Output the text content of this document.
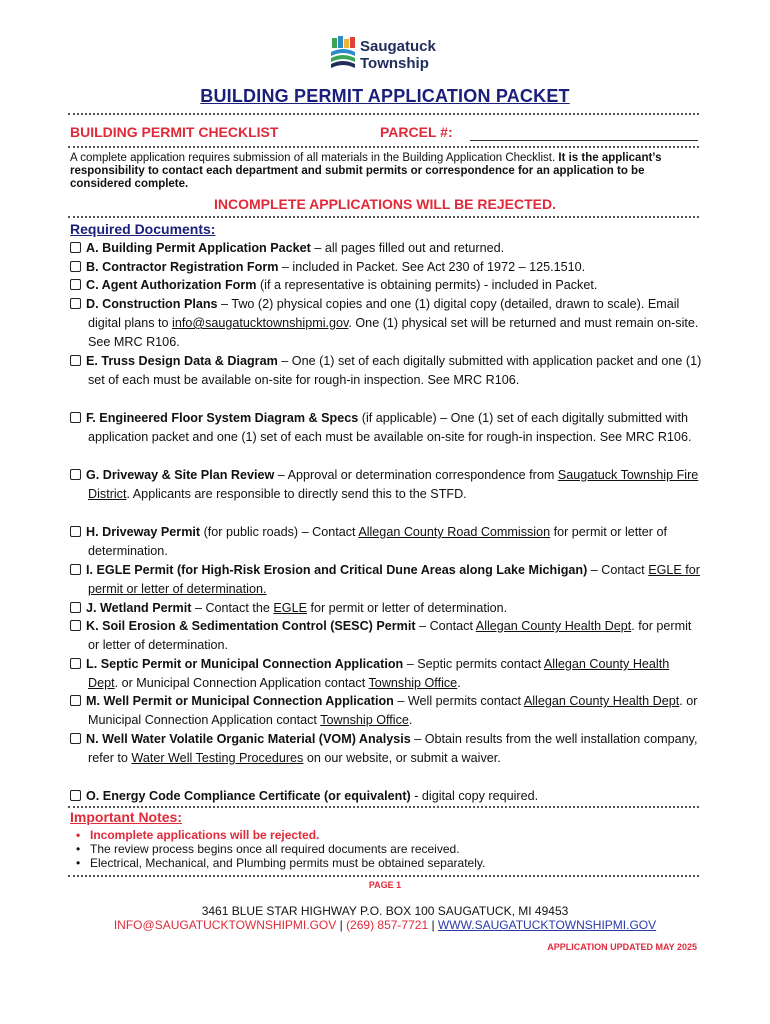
Saugatuck
Township
BUILDING PERMIT APPLICATION PACKET
BUILDING PERMIT CHECKLIST	PARCEL #:
A complete application requires submission of all materials in the Building Application Checklist. It is the applicant’s responsibility to contact each department and submit permits or correspondence for an application to be considered complete.
INCOMPLETE APPLICATIONS WILL BE REJECTED.
Required Documents:
A. Building Permit Application Packet – all pages filled out and returned.
B. Contractor Registration Form – included in Packet. See Act 230 of 1972 – 125.1510.
C. Agent Authorization Form (if a representative is obtaining permits) - included in Packet.
D. Construction Plans – Two (2) physical copies and one (1) digital copy (detailed, drawn to scale). Email digital plans to info@saugatucktownshipmi.gov. One (1) physical set will be returned and must remain on-site. See MRC R106.
E. Truss Design Data & Diagram – One (1) set of each digitally submitted with application packet and one (1) set of each must be available on-site for rough-in inspection. See MRC R106.
F. Engineered Floor System Diagram & Specs (if applicable) – One (1) set of each digitally submitted with application packet and one (1) set of each must be available on-site for rough-in inspection. See MRC R106.
G. Driveway & Site Plan Review – Approval or determination correspondence from Saugatuck Township Fire District. Applicants are responsible to directly send this to the STFD.
H. Driveway Permit (for public roads) – Contact Allegan County Road Commission for permit or letter of determination.
I. EGLE Permit (for High-Risk Erosion and Critical Dune Areas along Lake Michigan) – Contact EGLE for permit or letter of determination.
J. Wetland Permit – Contact the EGLE for permit or letter of determination.
K. Soil Erosion & Sedimentation Control (SESC) Permit – Contact Allegan County Health Dept. for permit or letter of determination.
L. Septic Permit or Municipal Connection Application – Septic permits contact Allegan County Health Dept. or Municipal Connection Application contact Township Office.
M. Well Permit or Municipal Connection Application – Well permits contact Allegan County Health Dept. or Municipal Connection Application contact Township Office.
N. Well Water Volatile Organic Material (VOM) Analysis – Obtain results from the well installation company, refer to Water Well Testing Procedures on our website, or submit a waiver.
O. Energy Code Compliance Certificate (or equivalent) - digital copy required.
Important Notes:
• Incomplete applications will be rejected.
• The review process begins once all required documents are received.
• Electrical, Mechanical, and Plumbing permits must be obtained separately.
PAGE 1
3461 BLUE STAR HIGHWAY P.O. BOX 100 SAUGATUCK, MI 49453
INFO@SAUGATUCKTOWNSHIPMI.GOV | (269) 857-7721 | WWW.SAUGATUCKTOWNSHIPMI.GOV
APPLICATION UPDATED MAY 2025
